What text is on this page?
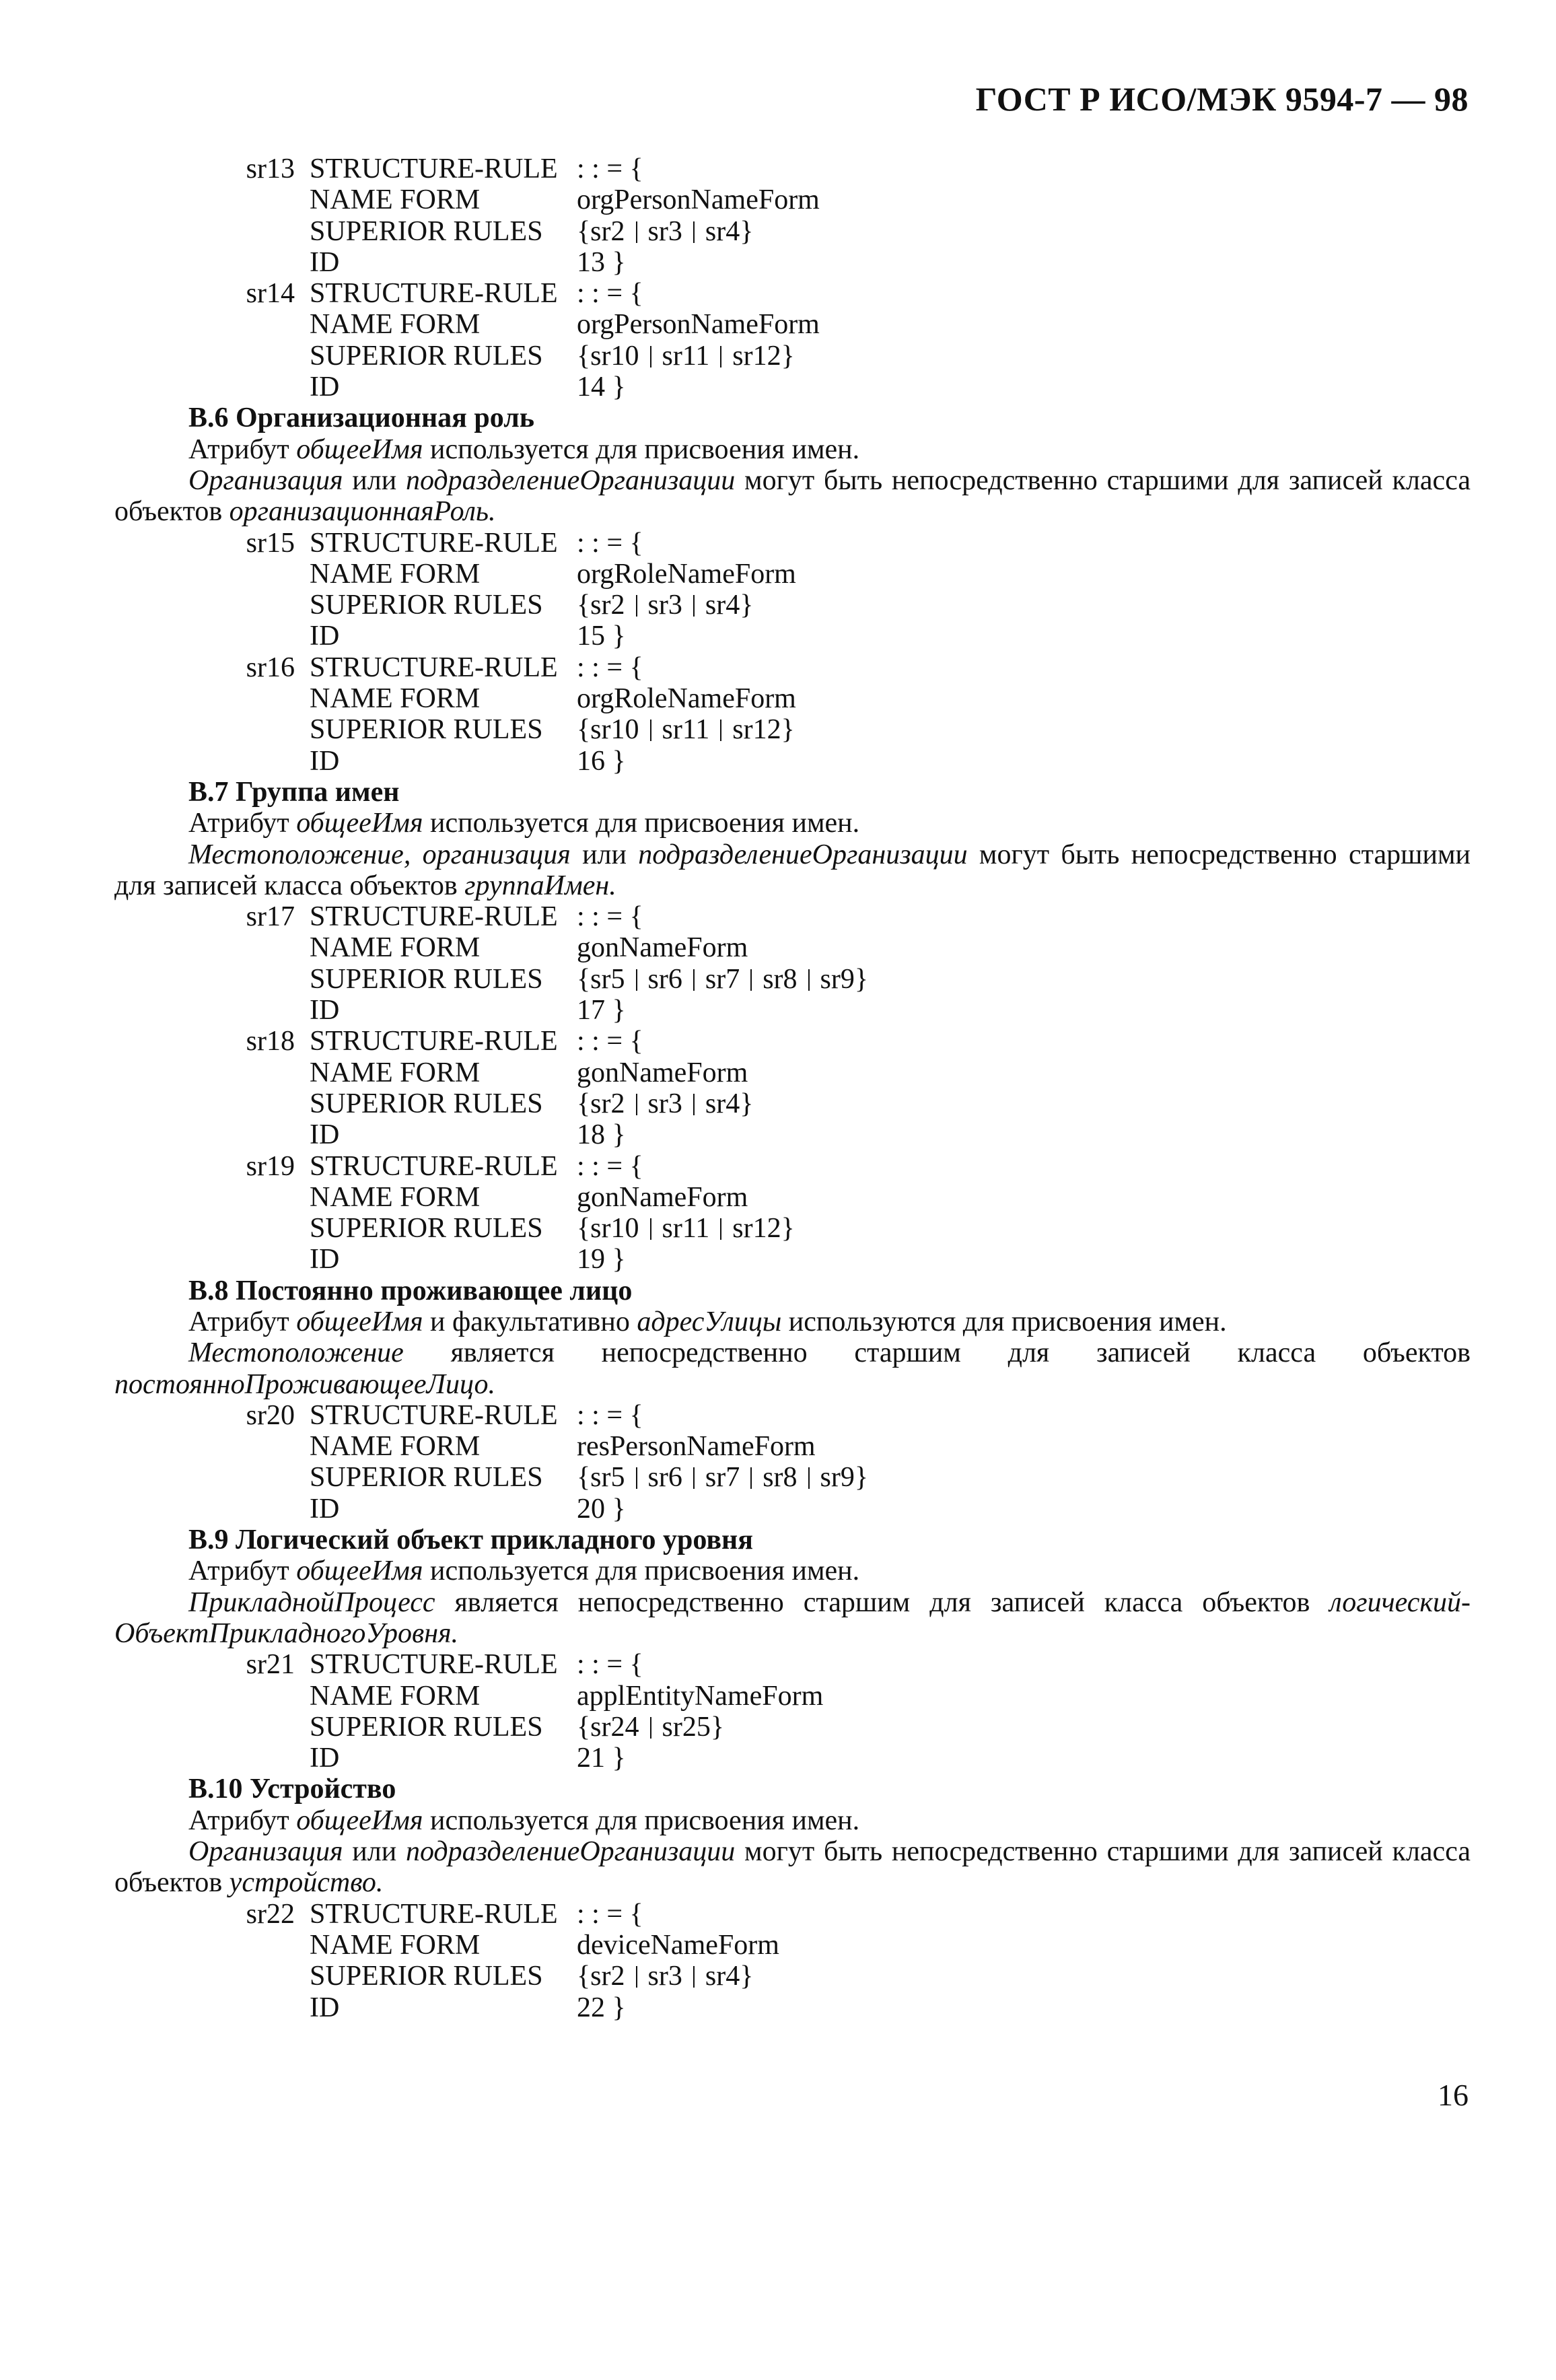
ГОСТ Р ИСО/МЭК 9594-7 — 98
sr13 STRUCTURE-RULE : : = {
NAME FORM	orgPersonNameForm
SUPERIOR RULES	{sr2 sr3 sr4}
ID	13 }
sr14 STRUCTURE-RULE : : = {
NAME FORM	orgPersonNameForm
SUPERIOR RULES	{sr10 sr11 sr12}
ID	14 }
B.6 Организационная роль
Атрибут общееИмя используется для присвоения имен.
Организация или подразделениеОрганизации могут быть непосредственно старшими для записей класса объектов организационнаяРоль.
sr15 STRUCTURE-RULE : : = {
NAME FORM	orgRoleNameForm
SUPERIOR RULES	{sr2 sr3 sr4}
ID	15 }
sr16 STRUCTURE-RULE : : = {
NAME FORM	orgRoleNameForm
SUPERIOR RULES	{sr10 sr11 sr12}
ID	16 }
B.7 Группа имен
Атрибут общееИмя используется для присвоения имен.
Местоположение, организация или подразделениеОрганизации могут быть непосредственно старшими для записей класса объектов группаИмен.
sr17 STRUCTURE-RULE : : = {
NAME FORM	gonNameForm
SUPERIOR RULES	{sr5 sr6 sr7 sr8 sr9}
ID	17 }
sr18 STRUCTURE-RULE : : = {
NAME FORM	gonNameForm
SUPERIOR RULES	{sr2 sr3 sr4}
ID	18 }
sr19 STRUCTURE-RULE : : = {
NAME FORM	gonNameForm
SUPERIOR RULES	{sr10 sr11 sr12}
ID	19 }
B.8 Постоянно проживающее лицо
Атрибут общееИмя и факультативно адресУлицы используются для присвоения имен.
Местоположение является непосредственно старшим для записей класса объектов постоянноПроживающееЛицо.
sr20 STRUCTURE-RULE : : = {
NAME FORM	resPersonNameForm
SUPERIOR RULES	{sr5 sr6 sr7 sr8 sr9}
ID	20 }
B.9 Логический объект прикладного уровня
Атрибут общееИмя используется для присвоения имен.
ПрикладнойПроцесс является непосредственно старшим для записей класса объектов логический-ОбъектПрикладногоУровня.
sr21 STRUCTURE-RULE : : = {
NAME FORM	applEntityNameForm
SUPERIOR RULES	{sr24 sr25}
ID	21 }
B.10 Устройство
Атрибут общееИмя используется для присвоения имен.
Организация или подразделениеОрганизации могут быть непосредственно старшими для записей класса объектов устройство.
sr22 STRUCTURE-RULE : : = {
NAME FORM	deviceNameForm
SUPERIOR RULES	{sr2 sr3 sr4}
ID	22 }
16
